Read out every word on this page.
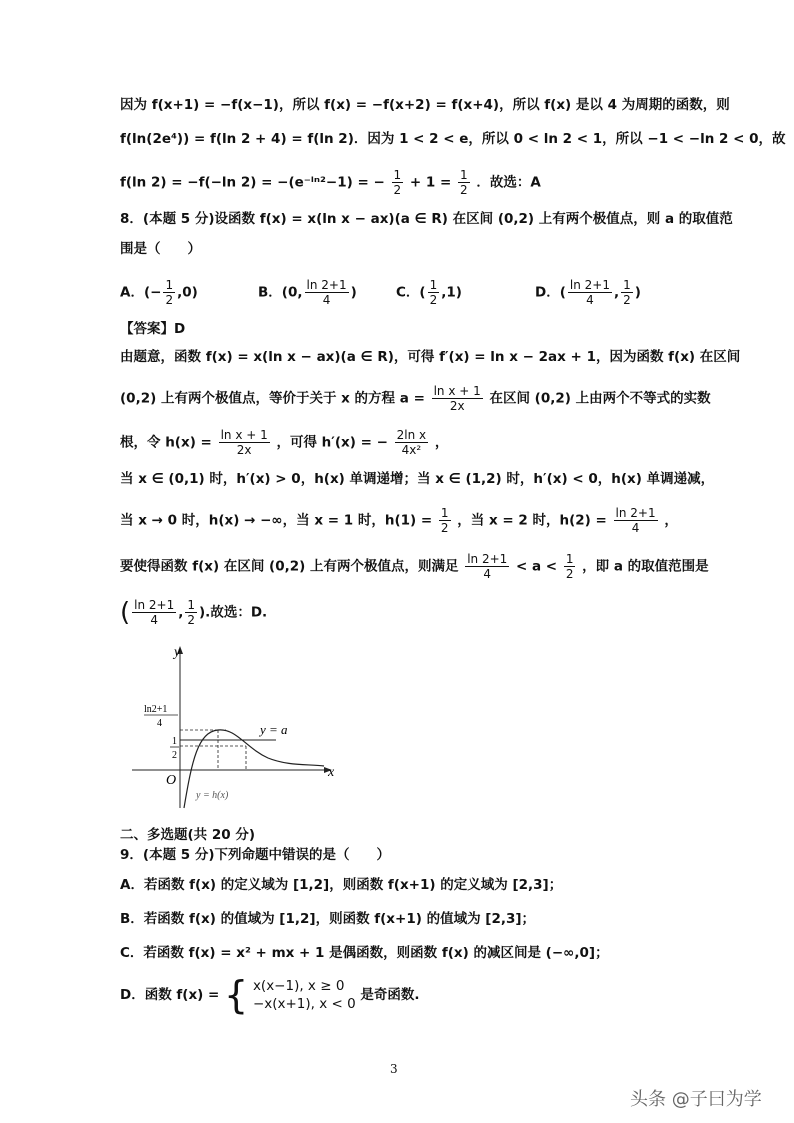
因为 f(x+1) = −f(x−1)，所以 f(x) = −f(x+2) = f(x+4)，所以 f(x) 是以 4 为周期的函数，则
f(ln(2e⁴)) = f(ln 2 + 4) = f(ln 2)．因为 1 < 2 < e，所以 0 < ln 2 < 1，所以 −1 < −ln 2 < 0，故
f(ln 2) = −f(−ln 2) = −(e⁻ˡⁿ²−1) = − $\frac{1}{2} + 1 = \frac{1}{2}$ ．故选：A
8．(本题 5 分)设函数 f(x) = x(ln x − ax)(a ∈ R) 在区间 (0,2) 上有两个极值点，则 a 的取值范
围是（　　）
A．(− $\frac{1}{2} ,0$)	B．(0, $\frac{\ln 2+1}{4}$ )	C．( $\frac{1}{2} ,1$)	D．( $\frac{\ln 2+1}{4}$ , $\frac{1}{2}$ )
【答案】D
由题意，函数 f(x) = x(ln x − ax)(a ∈ R)，可得 f′(x) = ln x − 2ax + 1，因为函数 f(x) 在区间
(0,2) 上有两个极值点，等价于关于 x 的方程 $a = \frac{\text{ln x + 1}}{2x}$ 在区间 (0,2) 上由两个不等式的实数
根，令 $h(x) = \frac{\text{ln x + 1}}{2x}$ ，可得 h′(x) = − $\frac{\text{2ln x}}{\text{4x²}}$ ，
当 x ∈ (0,1) 时，h′(x) > 0，h(x) 单调递增；当 x ∈ (1,2) 时，h′(x) < 0，h(x) 单调递减，
当 x → 0 时，h(x) → −∞，当 x = 1 时，$h(1) = \frac{1}{2}$ ，当 x = 2 时，$h(2) = \frac{\ln 2+1}{4}$ ，
要使得函数 f(x) 在区间 (0,2) 上有两个极值点，则满足 $\frac{\ln 2+1}{4} < a < \frac{1}{2}$ ，即 a 的取值范围是
( $\frac{\ln 2+1}{4}$ , $\frac{1}{2}$ ).故选：D.
y
x
O
ln2+1
4
1
2
y = a
y = h(x)
二、多选题(共 20 分)
9．(本题 5 分)下列命题中错误的是（　　）
A．若函数 f(x) 的定义域为 [1,2]，则函数 f(x+1) 的定义域为 [2,3]；
B．若函数 f(x) 的值域为 [1,2]，则函数 f(x+1) 的值域为 [2,3]；
C．若函数 f(x) = x² + mx + 1 是偶函数，则函数 f(x) 的减区间是 (−∞,0]；
D．函数 f(x) = { x(x−1), x ≥ 0
−x(x+1), x < 0
是奇函数.
3
头条 @子曰为学
